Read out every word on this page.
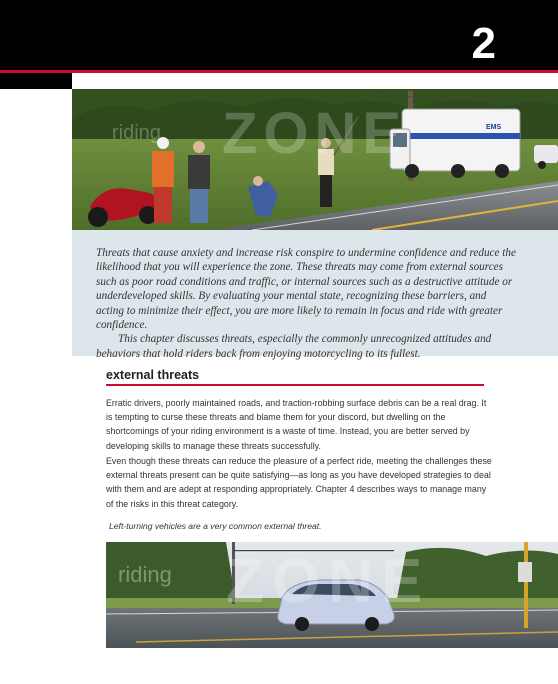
2
EMS
riding ZONE

Threats that cause anxiety and increase risk conspire to undermine confidence and reduce the likelihood that you will experience the zone. These threats may come from external sources such as poor road conditions and traffic, or internal sources such as a destructive attitude or underdeveloped skills. By evaluating your mental state, recognizing these barriers, and acting to minimize their effect, you are more likely to remain in focus and ride with greater confidence.

This chapter discusses threats, especially the commonly unrecognized attitudes and behaviors that hold riders back from enjoying motorcycling to its fullest.

external threats

Erratic drivers, poorly maintained roads, and traction-robbing surface debris can be a real drag. It is tempting to curse these threats and blame them for your discord, but dwelling on the shortcomings of your riding environment is a waste of time. Instead, you are better served by developing skills to manage these threats successfully.

Even though these threats can reduce the pleasure of a perfect ride, meeting the challenges these external threats present can be quite satisfying—as long as you have developed strategies to deal with them and are adept at responding appropriately. Chapter 4 describes ways to manage many of the risks in this threat category.

Left-turning vehicles are a very common external threat.
riding ZONE
